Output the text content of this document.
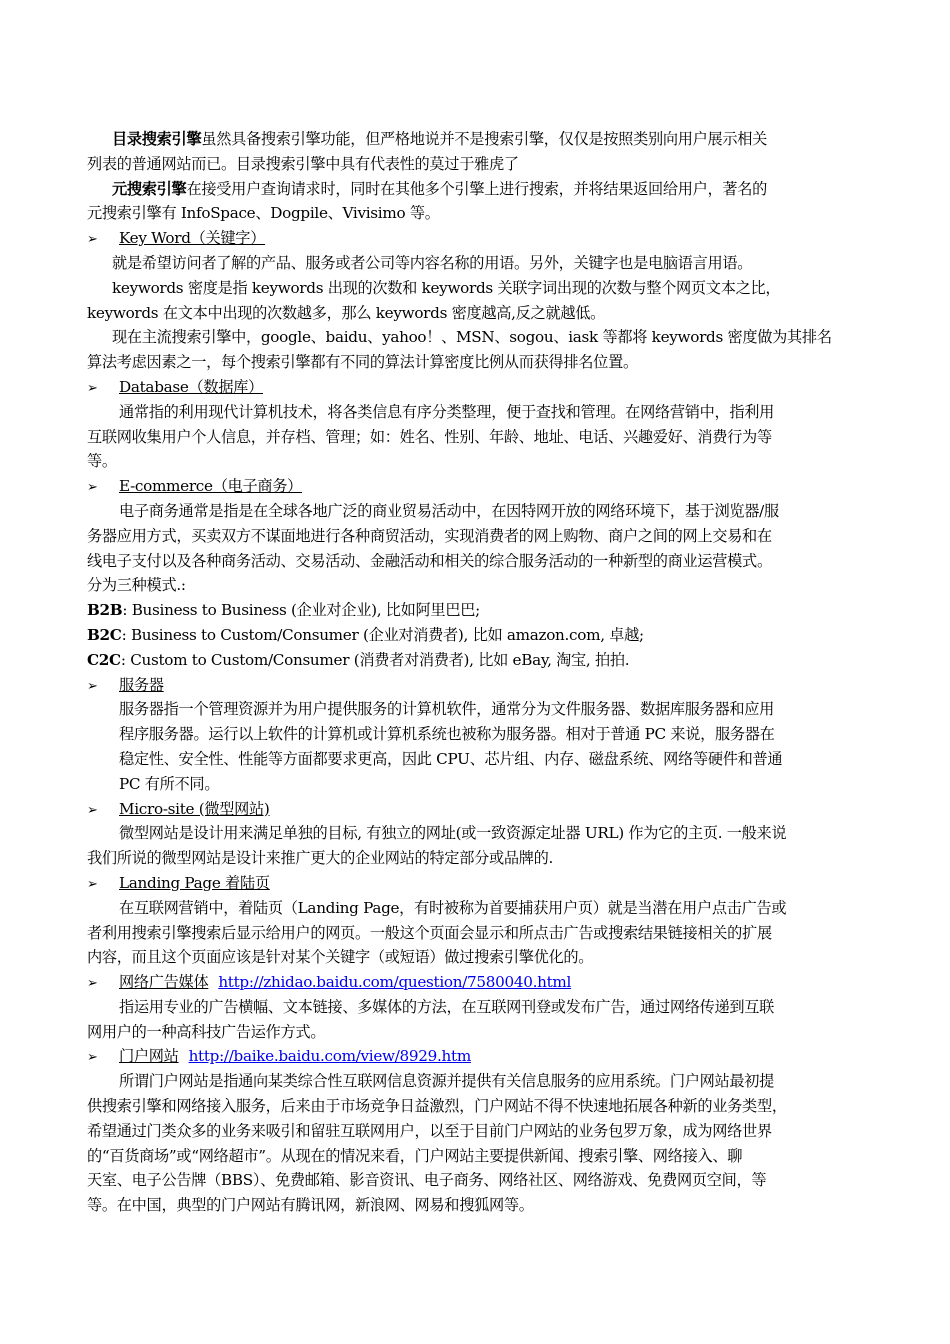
目录搜索引擎虽然具备搜索引擎功能，但严格地说并不是搜索引擎，仅仅是按照类别向用户展示相关
列表的普通网站而已。目录搜索引擎中具有代表性的莫过于雅虎了
元搜索引擎在接受用户查询请求时，同时在其他多个引擎上进行搜索，并将结果返回给用户，著名的
元搜索引擎有 InfoSpace、Dogpile、Vivisimo 等。
➢ Key Word（关键字）
就是希望访问者了解的产品、服务或者公司等内容名称的用语。另外，关键字也是电脑语言用语。
keywords 密度是指 keywords 出现的次数和 keywords 关联字词出现的次数与整个网页文本之比，
keywords 在文本中出现的次数越多，那么 keywords 密度越高,反之就越低。
现在主流搜索引擎中，google、baidu、yahoo！、MSN、sogou、iask 等都将 keywords 密度做为其排名
算法考虑因素之一，每个搜索引擎都有不同的算法计算密度比例从而获得排名位置。
➢ Database（数据库）
通常指的利用现代计算机技术，将各类信息有序分类整理，便于查找和管理。在网络营销中，指利用
互联网收集用户个人信息，并存档、管理；如：姓名、性别、年龄、地址、电话、兴趣爱好、消费行为等
等。
➢ E-commerce（电子商务）
电子商务通常是指是在全球各地广泛的商业贸易活动中，在因特网开放的网络环境下，基于浏览器/服
务器应用方式，买卖双方不谋面地进行各种商贸活动，实现消费者的网上购物、商户之间的网上交易和在
线电子支付以及各种商务活动、交易活动、金融活动和相关的综合服务活动的一种新型的商业运营模式。
分为三种模式.:
B2B: Business to Business (企业对企业), 比如阿里巴巴;
B2C: Business to Custom/Consumer (企业对消费者), 比如 amazon.com, 卓越;
C2C: Custom to Custom/Consumer (消费者对消费者), 比如 eBay, 淘宝, 拍拍.
➢ 服务器
服务器指一个管理资源并为用户提供服务的计算机软件，通常分为文件服务器、数据库服务器和应用
程序服务器。运行以上软件的计算机或计算机系统也被称为服务器。相对于普通 PC 来说，服务器在
稳定性、安全性、性能等方面都要求更高，因此 CPU、芯片组、内存、磁盘系统、网络等硬件和普通
PC 有所不同。
➢ Micro-site (微型网站)
微型网站是设计用来满足单独的目标, 有独立的网址(或一致资源定址器 URL) 作为它的主页. 一般来说
我们所说的微型网站是设计来推广更大的企业网站的特定部分或品牌的.
➢ Landing Page 着陆页
在互联网营销中，着陆页（Landing Page，有时被称为首要捕获用户页）就是当潜在用户点击广告或
者利用搜索引擎搜索后显示给用户的网页。一般这个页面会显示和所点击广告或搜索结果链接相关的扩展
内容，而且这个页面应该是针对某个关键字（或短语）做过搜索引擎优化的。
➢ 网络广告媒体 http://zhidao.baidu.com/question/7580040.html
指运用专业的广告横幅、文本链接、多媒体的方法，在互联网刊登或发布广告，通过网络传递到互联
网用户的一种高科技广告运作方式。
➢ 门户网站 http://baike.baidu.com/view/8929.htm
所谓门户网站是指通向某类综合性互联网信息资源并提供有关信息服务的应用系统。门户网站最初提
供搜索引擎和网络接入服务，后来由于市场竞争日益激烈，门户网站不得不快速地拓展各种新的业务类型，
希望通过门类众多的业务来吸引和留驻互联网用户，以至于目前门户网站的业务包罗万象，成为网络世界
的“百货商场”或“网络超市”。从现在的情况来看，门户网站主要提供新闻、搜索引擎、网络接入、聊
天室、电子公告牌（BBS）、免费邮箱、影音资讯、电子商务、网络社区、网络游戏、免费网页空间，等
等。在中国，典型的门户网站有腾讯网，新浪网、网易和搜狐网等。
